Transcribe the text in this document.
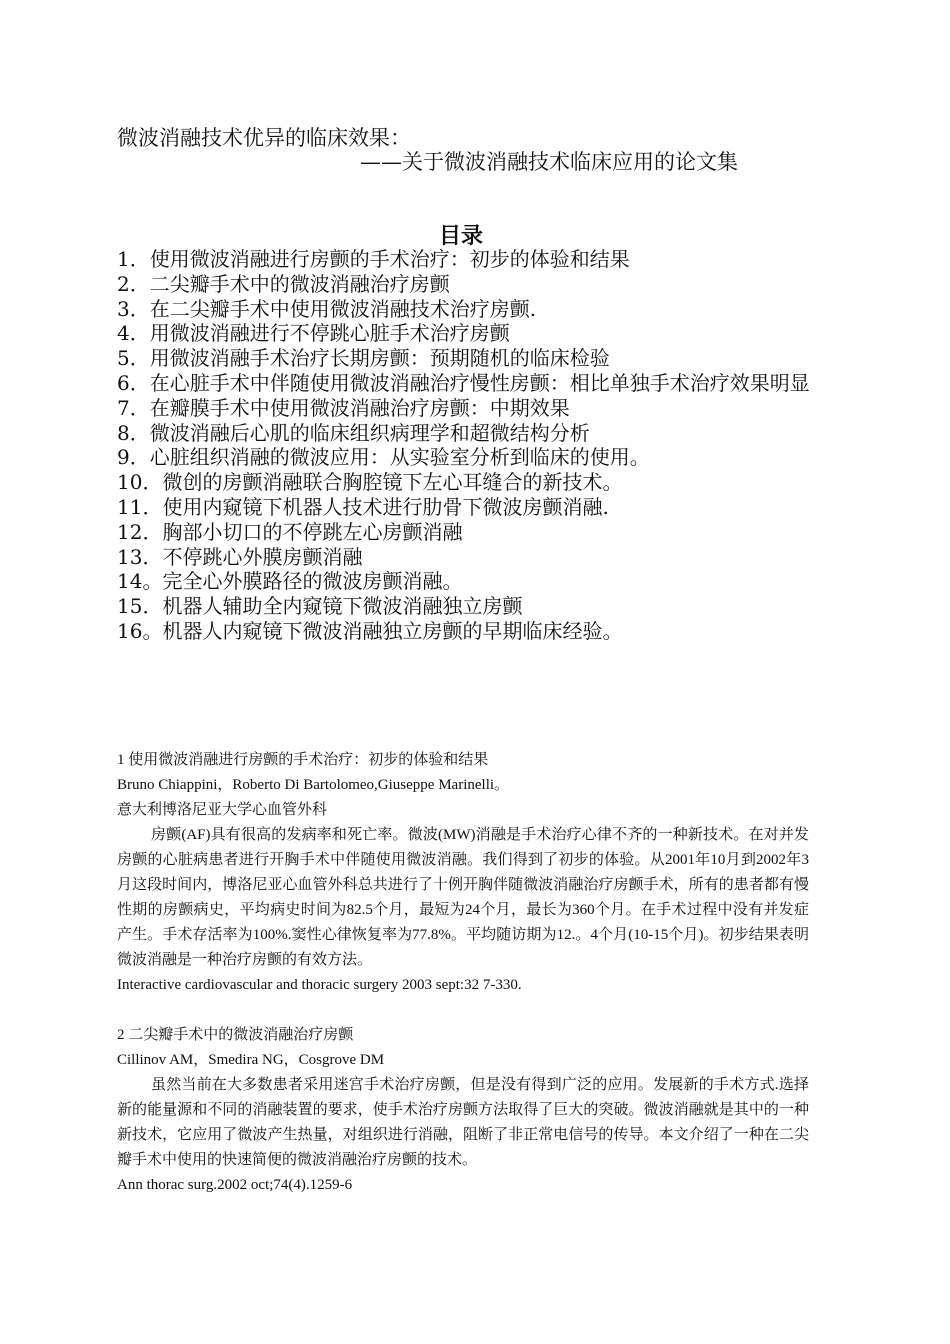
微波消融技术优异的临床效果：
——关于微波消融技术临床应用的论文集
目录
1．使用微波消融进行房颤的手术治疗：初步的体验和结果
2．二尖瓣手术中的微波消融治疗房颤
3．在二尖瓣手术中使用微波消融技术治疗房颤.
4．用微波消融进行不停跳心脏手术治疗房颤
5．用微波消融手术治疗长期房颤：预期随机的临床检验
6．在心脏手术中伴随使用微波消融治疗慢性房颤：相比单独手术治疗效果明显
7．在瓣膜手术中使用微波消融治疗房颤：中期效果
8．微波消融后心肌的临床组织病理学和超微结构分析
9．心脏组织消融的微波应用：从实验室分析到临床的使用。
10．微创的房颤消融联合胸腔镜下左心耳缝合的新技术。
11．使用内窥镜下机器人技术进行肋骨下微波房颤消融.
12．胸部小切口的不停跳左心房颤消融
13．不停跳心外膜房颤消融
14。完全心外膜路径的微波房颤消融。
15．机器人辅助全内窥镜下微波消融独立房颤
16。机器人内窥镜下微波消融独立房颤的早期临床经验。

1 使用微波消融进行房颤的手术治疗：初步的体验和结果

Bruno Chiappini，Roberto Di Bartolomeo,Giuseppe Marinelli。

意大利博洛尼亚大学心血管外科

房颤(AF)具有很高的发病率和死亡率。微波(MW)消融是手术治疗心律不齐的一种新技术。在对并发房颤的心脏病患者进行开胸手术中伴随使用微波消融。我们得到了初步的体验。从2001年10月到2002年3月这段时间内，博洛尼亚心血管外科总共进行了十例开胸伴随微波消融治疗房颤手术，所有的患者都有慢性期的房颤病史，平均病史时间为82.5个月，最短为24个月，最长为360个月。在手术过程中没有并发症产生。手术存活率为100%.窦性心律恢复率为77.8%。平均随访期为12.。4个月(10-15个月)。初步结果表明微波消融是一种治疗房颤的有效方法。

Interactive cardiovascular and thoracic surgery 2003 sept:32 7-330.

2 二尖瓣手术中的微波消融治疗房颤

Cillinov AM，Smedira NG，Cosgrove DM

虽然当前在大多数患者采用迷宫手术治疗房颤，但是没有得到广泛的应用。发展新的手术方式.选择新的能量源和不同的消融装置的要求，使手术治疗房颤方法取得了巨大的突破。微波消融就是其中的一种新技术，它应用了微波产生热量，对组织进行消融，阻断了非正常电信号的传导。本文介绍了一种在二尖瓣手术中使用的快速简便的微波消融治疗房颤的技术。

Ann thorac surg.2002 oct;74(4).1259-6
